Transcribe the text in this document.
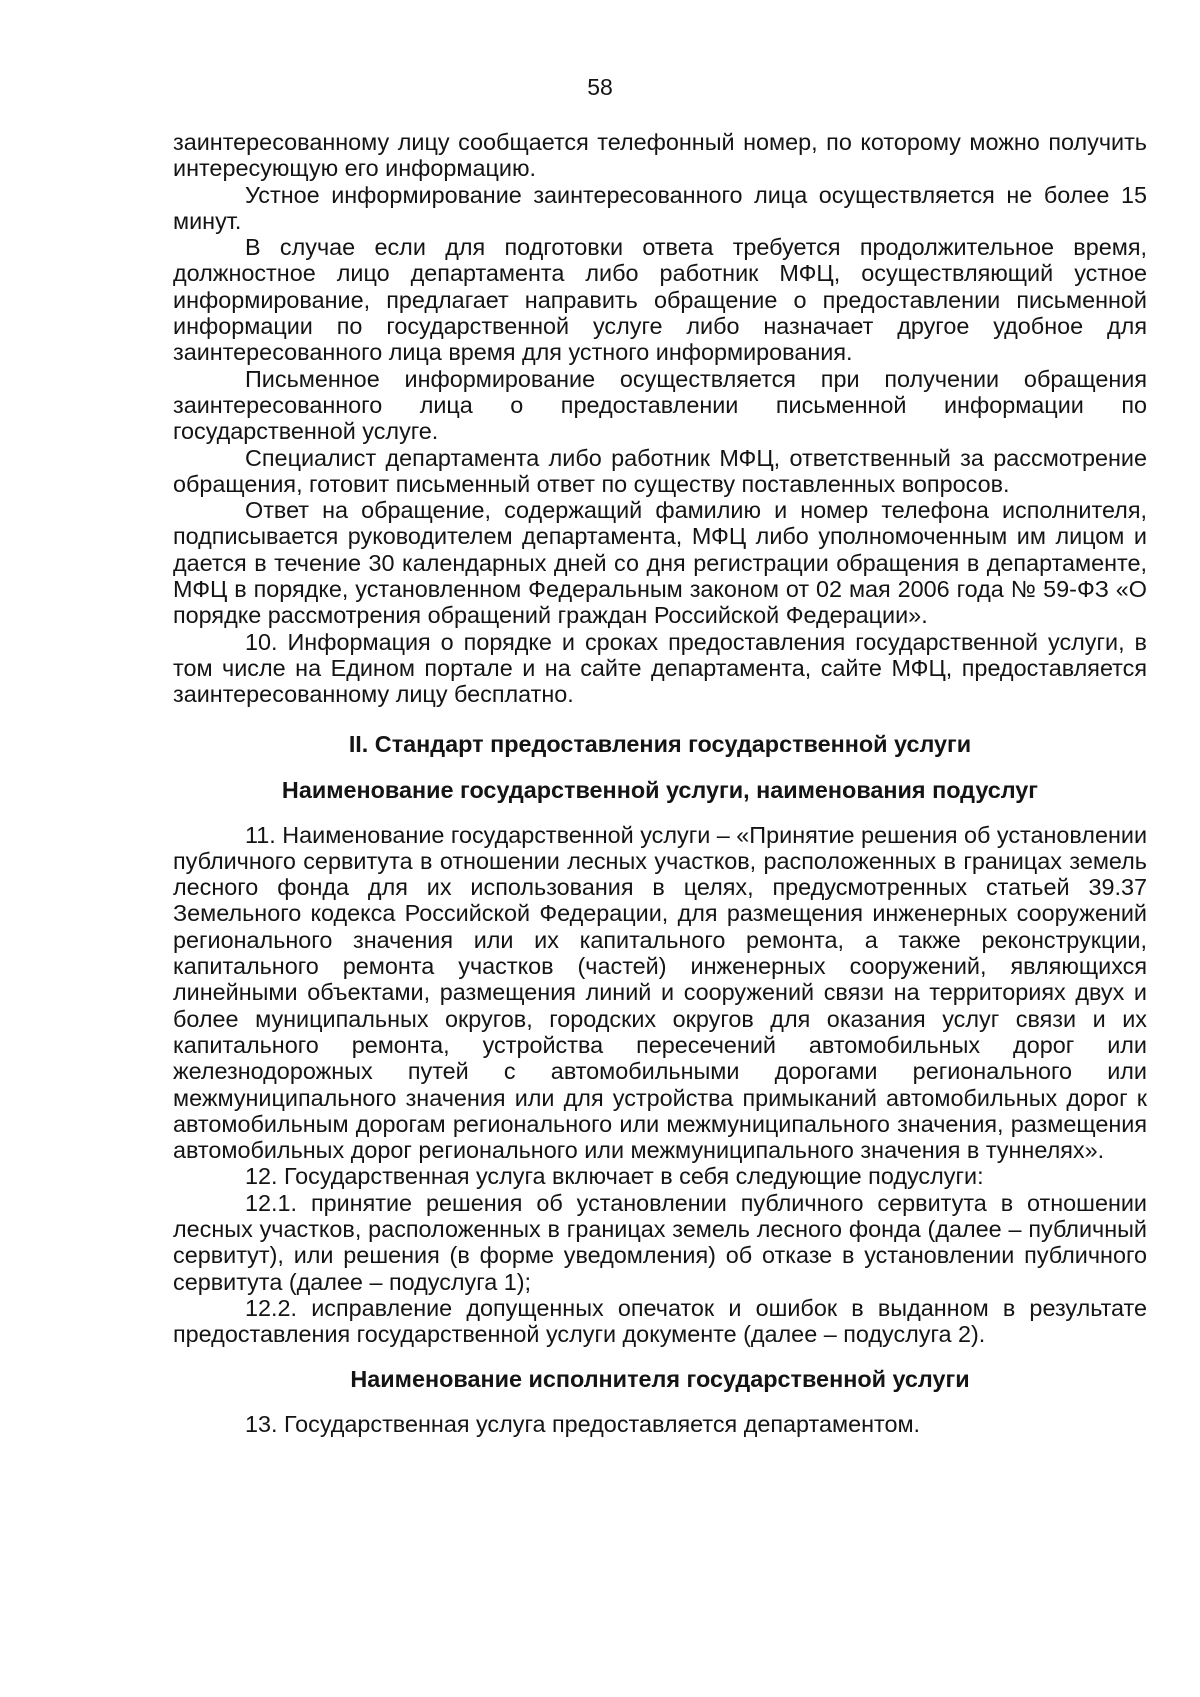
58

заинтересованному лицу сообщается телефонный номер, по которому можно получить интересующую его информацию.

Устное информирование заинтересованного лица осуществляется не более 15 минут.

В случае если для подготовки ответа требуется продолжительное время, должностное лицо департамента либо работник МФЦ, осуществляющий устное информирование, предлагает направить обращение о предоставлении письменной информации по государственной услуге либо назначает другое удобное для заинтересованного лица время для устного информирования.

Письменное информирование осуществляется при получении обращения заинтересованного лица о предоставлении письменной информации по государственной услуге.

Специалист департамента либо работник МФЦ, ответственный за рассмотрение обращения, готовит письменный ответ по существу поставленных вопросов.

Ответ на обращение, содержащий фамилию и номер телефона исполнителя, подписывается руководителем департамента, МФЦ либо уполномоченным им лицом и дается в течение 30 календарных дней со дня регистрации обращения в департаменте, МФЦ в порядке, установленном Федеральным законом от 02 мая 2006 года № 59-ФЗ «О порядке рассмотрения обращений граждан Российской Федерации».

10. Информация о порядке и сроках предоставления государственной услуги, в том числе на Едином портале и на сайте департамента, сайте МФЦ, предоставляется заинтересованному лицу бесплатно.

II. Стандарт предоставления государственной услуги
Наименование государственной услуги, наименования подуслуг

11. Наименование государственной услуги – «Принятие решения об установлении публичного сервитута в отношении лесных участков, расположенных в границах земель лесного фонда для их использования в целях, предусмотренных статьей 39.37 Земельного кодекса Российской Федерации, для размещения инженерных сооружений регионального значения или их капитального ремонта, а также реконструкции, капитального ремонта участков (частей) инженерных сооружений, являющихся линейными объектами, размещения линий и сооружений связи на территориях двух и более муниципальных округов, городских округов для оказания услуг связи и их капитального ремонта, устройства пересечений автомобильных дорог или железнодорожных путей с автомобильными дорогами регионального или межмуниципального значения или для устройства примыканий автомобильных дорог к автомобильным дорогам регионального или межмуниципального значения, размещения автомобильных дорог регионального или межмуниципального значения в туннелях».

12. Государственная услуга включает в себя следующие подуслуги:

12.1. принятие решения об установлении публичного сервитута в отношении лесных участков, расположенных в границах земель лесного фонда (далее – публичный сервитут), или решения (в форме уведомления) об отказе в установлении публичного сервитута (далее – подуслуга 1);

12.2. исправление допущенных опечаток и ошибок в выданном в результате предоставления государственной услуги документе (далее – подуслуга 2).

Наименование исполнителя государственной услуги

13. Государственная услуга предоставляется департаментом.
